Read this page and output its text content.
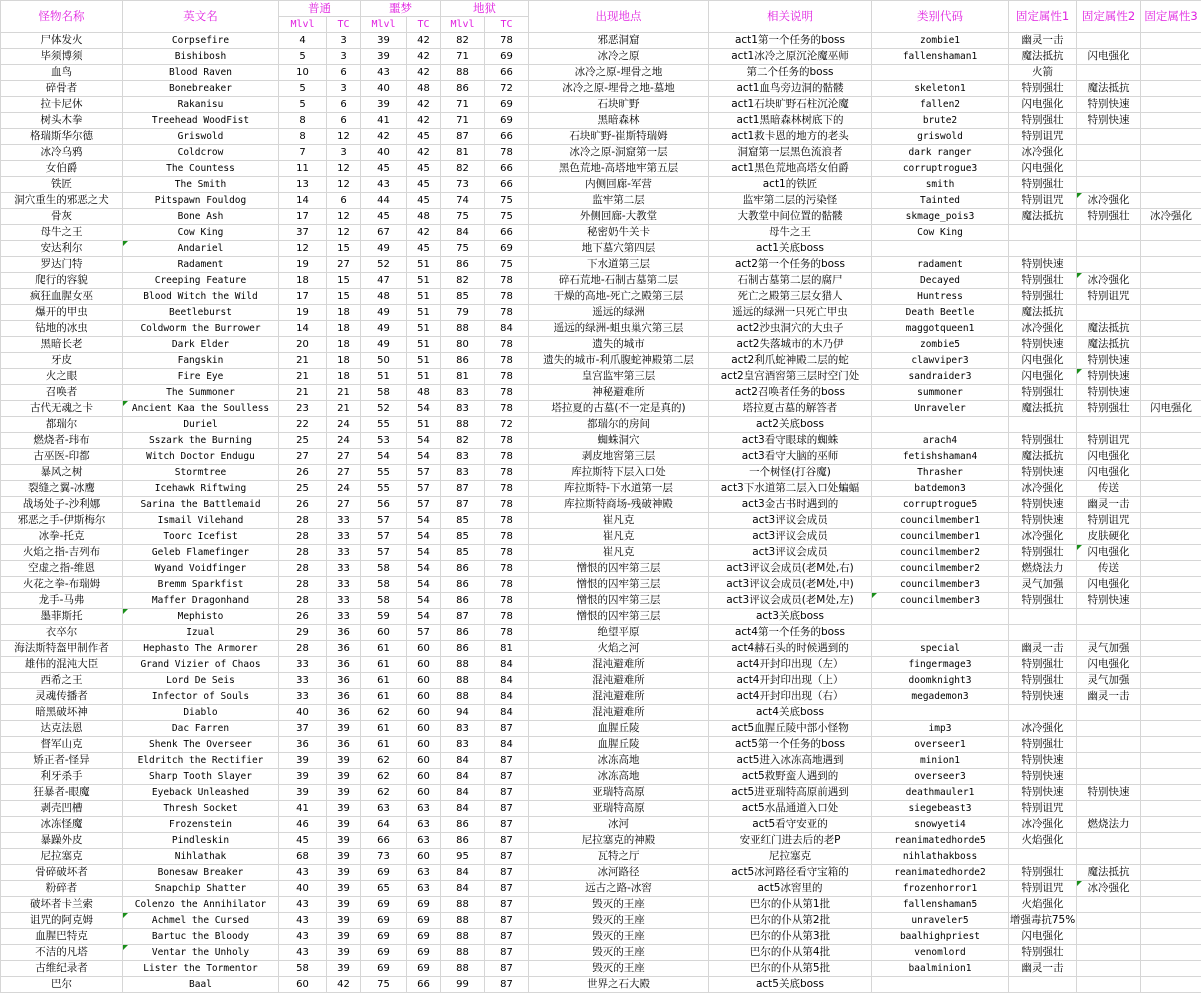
怪物名称	英文名	普通		噩梦		地狱		出现地点	相关说明	类别代码	固定属性1	固定属性2	固定属性3
		Mlvl	TC	Mlvl	TC	Mlvl	TC						
尸体发火	Corpsefire	4	3	39	42	82	78	邪恶洞窟	act1第一个任务的boss	zombie1	幽灵一击		
毕须博须	Bishibosh	5	3	39	42	71	69	冰冷之原	act1冰冷之原沉沦魔巫师	fallenshaman1	魔法抵抗	闪电强化	
血鸟	Blood Raven	10	6	43	42	88	66	冰冷之原-埋骨之地	第二个任务的boss		火箭		
碎骨者	Bonebreaker	5	3	40	48	86	72	冰冷之原-埋骨之地-墓地	act1血鸟旁边洞的骷髅	skeleton1	特别强壮	魔法抵抗	
拉卡尼休	Rakanisu	5	6	39	42	71	69	石块旷野	act1石块旷野石柱沉沦魔	fallen2	闪电强化	特别快速	
树头木拳	Treehead WoodFist	8	6	41	42	71	69	黑暗森林	act1黑暗森林树底下的	brute2	特别强壮	特别快速	
格瑞斯华尔德	Griswold	8	12	42	45	87	66	石块旷野-崔斯特瑞姆	act1救卡恩的地方的老头	griswold	特别诅咒		
冰冷乌鸦	Coldcrow	7	3	40	42	81	78	冰冷之原-洞窟第一层	洞窟第一层黑色流浪者	dark ranger	冰冷强化		
女伯爵	The Countess	11	12	45	45	82	66	黑色荒地-高塔地牢第五层	act1黑色荒地高塔女伯爵	corruptrogue3	闪电强化		
铁匠	The Smith	13	12	43	45	73	66	内侧回廊-军营	act1的铁匠	smith	特别强壮		
洞穴重生的邪恶之犬	Pitspawn Fouldog	14	6	44	45	74	75	监牢第二层	监牢第二层的污染怪	Tainted	特别诅咒	冰冷强化	
骨灰	Bone Ash	17	12	45	48	75	75	外侧回廊-大教堂	大教堂中间位置的骷髅	skmage_pois3	魔法抵抗	特别强壮	冰冷强化
母牛之王	Cow King	37	12	67	42	84	66	秘密奶牛关卡	母牛之王	Cow King			
安达利尔	Andariel	12	15	49	45	75	69	地下墓穴第四层	act1关底boss				
罗达门特	Radament	19	27	52	51	86	75	下水道第三层	act2第一个任务的boss	radament	特别快速		
爬行的容貌	Creeping Feature	18	15	47	51	82	78	碎石荒地-石制古墓第二层	石制古墓第二层的腐尸	Decayed	特别强壮	冰冷强化	
疯狂血腥女巫	Blood Witch the Wild	17	15	48	51	85	78	干燥的高地-死亡之殿第三层	死亡之殿第三层女猎人	Huntress	特别强壮	特别诅咒	
爆开的甲虫	Beetleburst	19	18	49	51	79	78	遥远的绿洲	遥远的绿洲一只死亡甲虫	Death Beetle	魔法抵抗		
钻地的冰虫	Coldworm the Burrower	14	18	49	51	88	84	遥远的绿洲-蛆虫巢穴第三层	act2沙虫洞穴的大虫子	maggotqueen1	冰冷强化	魔法抵抗	
黑暗长老	Dark Elder	20	18	49	51	80	78	遗失的城市	act2失落城市的木乃伊	zombie5	特别快速	魔法抵抗	
牙皮	Fangskin	21	18	50	51	86	78	遗失的城市-利爪腹蛇神殿第二层	act2利爪蛇神殿二层的蛇	clawviper3	闪电强化	特别快速	
火之眼	Fire Eye	21	18	51	51	81	78	皇宫监牢第三层	act2皇宫酒窖第三层时空门处	sandraider3	闪电强化	特别快速	
召唤者	The Summoner	21	21	58	48	83	78	神秘避难所	act2召唤者任务的boss	summoner	特别强壮	特别快速	
古代无魂之卡	Ancient Kaa the Soulless	23	21	52	54	83	78	塔拉夏的古墓(不一定是真的)	塔拉夏古墓的解答者	Unraveler	魔法抵抗	特别强壮	闪电强化
都瑞尔	Duriel	22	24	55	51	88	72	都瑞尔的房间	act2关底boss				
燃烧者-玮布	Sszark the Burning	25	24	53	54	82	78	蜘蛛洞穴	act3看守眼球的蜘蛛	arach4	特别强壮	特别诅咒	
古巫医-印都	Witch Doctor Endugu	27	27	54	54	83	78	剥皮地窖第三层	act3看守大脑的巫师	fetishshaman4	魔法抵抗	闪电强化	
暴风之树	Stormtree	26	27	55	57	83	78	库拉斯特下层入口处	一个树怪(打谷魔)	Thrasher	特别快速	闪电强化	
裂缝之翼-冰鹰	Icehawk Riftwing	25	24	55	57	87	78	库拉斯特-下水道第一层	act3下水道第二层入口处蝙蝠	batdemon3	冰冷强化	传送	
战场处子-沙利娜	Sarina the Battlemaid	26	27	56	57	87	78	库拉斯特商场-残破神殿	act3金古书时遇到的	corruptrogue5	特别快速	幽灵一击	
邪恶之手-伊斯梅尔	Ismail Vilehand	28	33	57	54	85	78	崔凡克	act3评议会成员	councilmember1	特别快速	特别诅咒	
冰拳-托克	Toorc Icefist	28	33	57	54	85	78	崔凡克	act3评议会成员	councilmember1	冰冷强化	皮肤硬化	
火焰之指-吉列布	Geleb Flamefinger	28	33	57	54	85	78	崔凡克	act3评议会成员	councilmember2	特别强壮	闪电强化	
空虚之指-维恩	Wyand Voidfinger	28	33	58	54	86	78	憎恨的囚牢第三层	act3评议会成员(老M处,右)	councilmember2	燃烧法力	传送	
火花之拳-布瑞姆	Bremm Sparkfist	28	33	58	54	86	78	憎恨的囚牢第三层	act3评议会成员(老M处,中)	councilmember3	灵气加强	闪电强化	
龙手-马弗	Maffer Dragonhand	28	33	58	54	86	78	憎恨的囚牢第三层	act3评议会成员(老M处,左)	councilmember3	特别强壮	特别快速	
墨菲斯托	Mephisto	26	33	59	54	87	78	憎恨的囚牢第三层	act3关底boss				
衣卒尔	Izual	29	36	60	57	86	78	绝望平原	act4第一个任务的boss				
海法斯特盔甲制作者	Hephasto The Armorer	28	36	61	60	86	81	火焰之河	act4赫石头的时候遇到的	special	幽灵一击	灵气加强	
雄伟的混沌大臣	Grand Vizier of Chaos	33	36	61	60	88	84	混沌避难所	act4开封印出现（左）	fingermage3	特别强壮	闪电强化	
西希之王	Lord De Seis	33	36	61	60	88	84	混沌避难所	act4开封印出现（上）	doomknight3	特别强壮	灵气加强	
灵魂传播者	Infector of Souls	33	36	61	60	88	84	混沌避难所	act4开封印出现（右）	megademon3	特别快速	幽灵一击	
暗黑破坏神	Diablo	40	36	62	60	94	84	混沌避难所	act4关底boss				
达克法恩	Dac Farren	37	39	61	60	83	87	血腥丘陵	act5血腥丘陵中部小怪物	imp3	冰冷强化		
督军山克	Shenk The Overseer	36	36	61	60	83	84	血腥丘陵	act5第一个任务的boss	overseer1	特别强壮		
矫正者-怪异	Eldritch the Rectifier	39	39	62	60	84	87	冰冻高地	act5进入冰冻高地遇到	minion1	特别快速		
利牙杀手	Sharp Tooth Slayer	39	39	62	60	84	87	冰冻高地	act5救野蛮人遇到的	overseer3	特别快速		
狂暴者-眼魔	Eyeback Unleashed	39	39	62	60	84	87	亚瑞特高原	act5进亚瑞特高原前遇到	deathmauler1	特别快速	特别快速	
剥壳凹槽	Thresh Socket	41	39	63	63	84	87	亚瑞特高原	act5水晶通道入口处	siegebeast3	特别诅咒		
冰冻怪魔	Frozenstein	46	39	64	63	86	87	冰河	act5看守安亚的	snowyeti4	冰冷强化	燃烧法力	
暴躁外皮	Pindleskin	45	39	66	63	86	87	尼拉塞克的神殿	安亚红门进去后的老P	reanimatedhorde5	火焰强化		
尼拉塞克	Nihlathak	68	39	73	60	95	87	瓦特之厅	尼拉塞克	nihlathakboss			
骨碎破坏者	Bonesaw Breaker	43	39	69	63	84	87	冰河路径	act5冰河路径看守宝箱的	reanimatedhorde2	特别强壮	魔法抵抗	
粉碎者	Snapchip Shatter	40	39	65	63	84	87	远古之路-冰窖	act5冰窖里的	frozenhorror1	特别诅咒	冰冷强化	
破坏者卡兰索	Colenzo the Annihilator	43	39	69	69	88	87	毁灭的王座	巴尔的仆从第1批	fallenshaman5	火焰强化		
诅咒的阿克姆	Achmel the Cursed	43	39	69	69	88	87	毁灭的王座	巴尔的仆从第2批	unraveler5	增强毒抗75%		
血腥巴特克	Bartuc the Bloody	43	39	69	69	88	87	毁灭的王座	巴尔的仆从第3批	baalhighpriest	闪电强化		
不洁的凡塔	Ventar the Unholy	43	39	69	69	88	87	毁灭的王座	巴尔的仆从第4批	venomlord	特别强壮		
古维纪录者	Lister the Tormentor	58	39	69	69	88	87	毁灭的王座	巴尔的仆从第5批	baalminion1	幽灵一击		
巴尔	Baal	60	42	75	66	99	87	世界之石大殿	act5关底boss				
